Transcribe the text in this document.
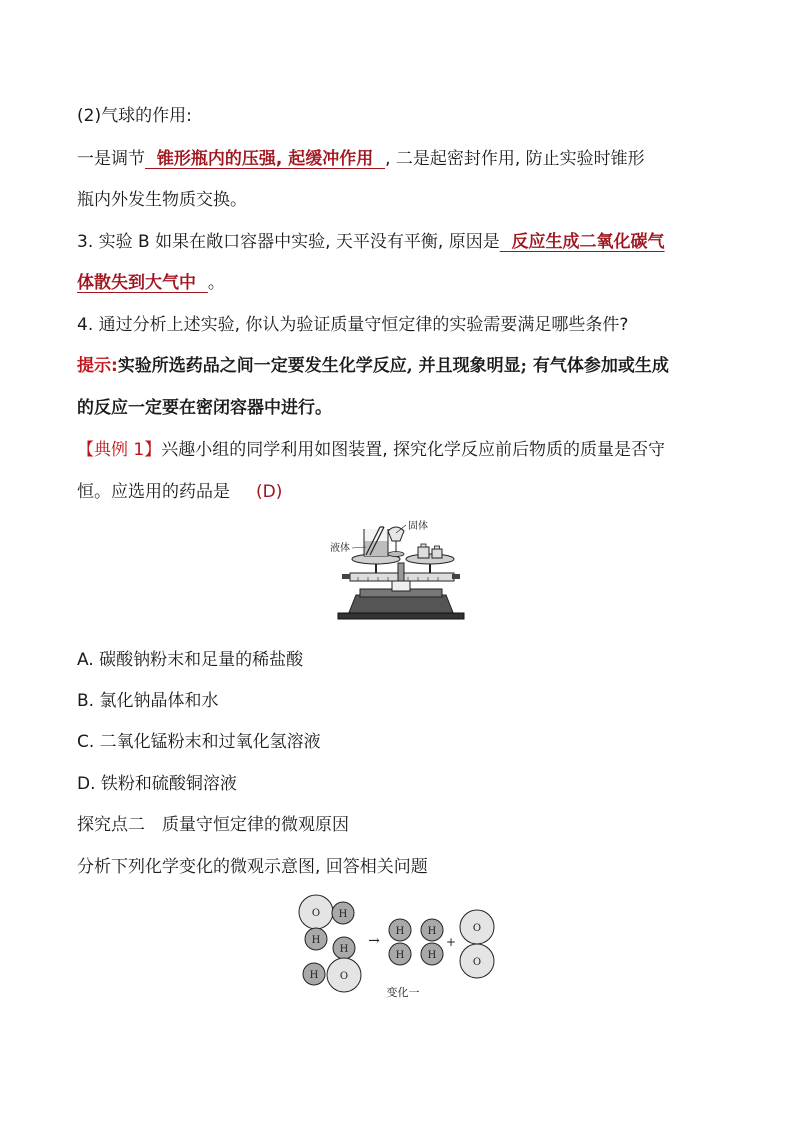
(2)气球的作用:
一是调节  锥形瓶内的压强, 起缓冲作用  , 二是起密封作用, 防止实验时锥形
瓶内外发生物质交换。
3. 实验 B 如果在敞口容器中实验, 天平没有平衡, 原因是  反应生成二氧化碳气
体散失到大气中  。
4. 通过分析上述实验, 你认为验证质量守恒定律的实验需要满足哪些条件?
提示:实验所选药品之间一定要发生化学反应, 并且现象明显; 有气体参加或生成
的反应一定要在密闭容器中进行。
【典例 1】兴趣小组的同学利用如图装置, 探究化学反应前后物质的质量是否守
恒。应选用的药品是 (D)
固体
液体
A. 碳酸钠粉末和足量的稀盐酸
B. 氯化钠晶体和水
C. 二氧化锰粉末和过氧化氢溶液
D. 铁粉和硫酸铜溶液
探究点二　质量守恒定律的微观原因
分析下列化学变化的微观示意图, 回答相关问题
O H
H
H
H O
H
H
H
H
O
O
→	+
变化一
